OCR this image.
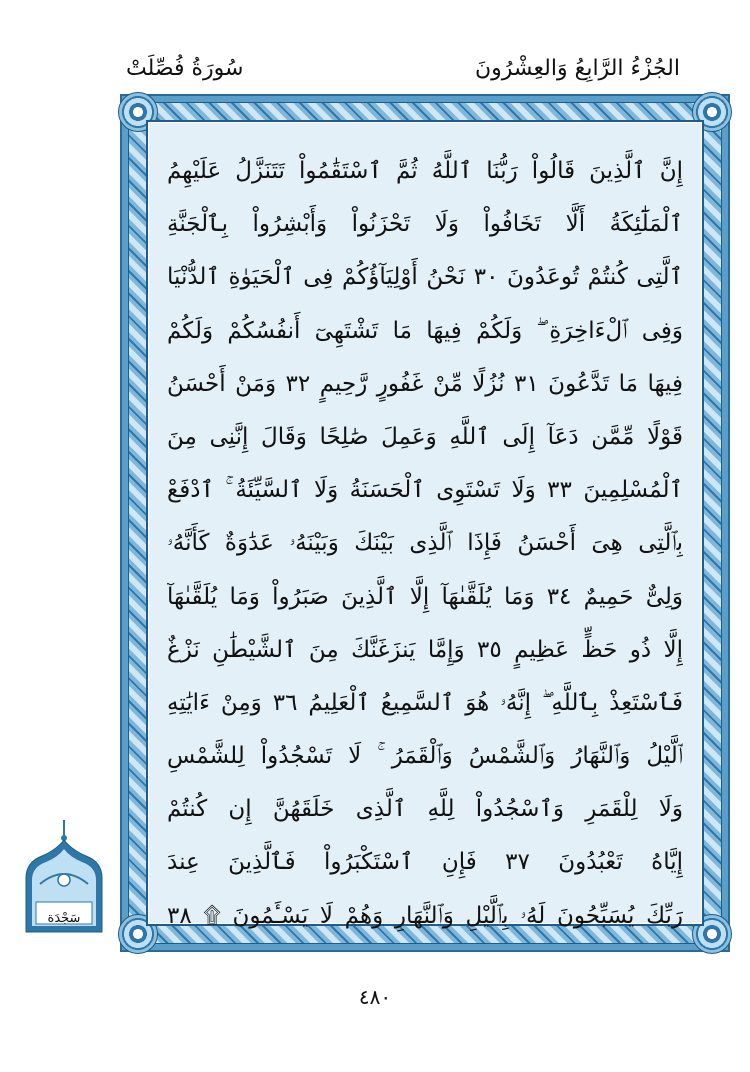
الجُزْءُ الرَّابِعُ وَالعِشْرُونَ
سُورَةُ فُصِّلَتْ
إِنَّ ٱلَّذِينَ قَالُواْ رَبُّنَا ٱللَّهُ ثُمَّ ٱسْتَقَٰمُواْ تَتَنَزَّلُ عَلَيْهِمُ
ٱلْمَلَٰٓئِكَةُ أَلَّا تَخَافُواْ وَلَا تَحْزَنُواْ وَأَبْشِرُواْ بِٱلْجَنَّةِ
ٱلَّتِى كُنتُمْ تُوعَدُونَ ٣٠ نَحْنُ أَوْلِيَآؤُكُمْ فِى ٱلْحَيَوٰةِ ٱلدُّنْيَا
وَفِى ٱلْءَاخِرَةِ ۖ وَلَكُمْ فِيهَا مَا تَشْتَهِىٓ أَنفُسُكُمْ وَلَكُمْ
فِيهَا مَا تَدَّعُونَ ٣١ نُزُلًا مِّنْ غَفُورٍ رَّحِيمٍ ٣٢ وَمَنْ أَحْسَنُ
قَوْلًا مِّمَّن دَعَآ إِلَى ٱللَّهِ وَعَمِلَ صَٰلِحًا وَقَالَ إِنَّنِى مِنَ
ٱلْمُسْلِمِينَ ٣٣ وَلَا تَسْتَوِى ٱلْحَسَنَةُ وَلَا ٱلسَّيِّئَةُ ۚ ٱدْفَعْ
بِٱلَّتِى هِىَ أَحْسَنُ فَإِذَا ٱلَّذِى بَيْنَكَ وَبَيْنَهُۥ عَدَٰوَةٌ كَأَنَّهُۥ
وَلِىٌّ حَمِيمٌ ٣٤ وَمَا يُلَقَّىٰهَآ إِلَّا ٱلَّذِينَ صَبَرُواْ وَمَا يُلَقَّىٰهَآ
إِلَّا ذُو حَظٍّ عَظِيمٍ ٣٥ وَإِمَّا يَنزَغَنَّكَ مِنَ ٱلشَّيْطَٰنِ نَزْغٌ
فَٱسْتَعِذْ بِٱللَّهِ ۖ إِنَّهُۥ هُوَ ٱلسَّمِيعُ ٱلْعَلِيمُ ٣٦ وَمِنْ ءَايَٰتِهِ
ٱلَّيْلُ وَٱلنَّهَارُ وَٱلشَّمْسُ وَٱلْقَمَرُ ۚ لَا تَسْجُدُواْ لِلشَّمْسِ
وَلَا لِلْقَمَرِ وَٱسْجُدُواْ لِلَّهِ ٱلَّذِى خَلَقَهُنَّ إِن كُنتُمْ
إِيَّاهُ تَعْبُدُونَ ٣٧ فَإِنِ ٱسْتَكْبَرُواْ فَٱلَّذِينَ عِندَ
رَبِّكَ يُسَبِّحُونَ لَهُۥ بِٱلَّيْلِ وَٱلنَّهَارِ وَهُمْ لَا يَسْـَٔمُونَ ۩ ٣٨
سَجْدَة
٤٨٠
